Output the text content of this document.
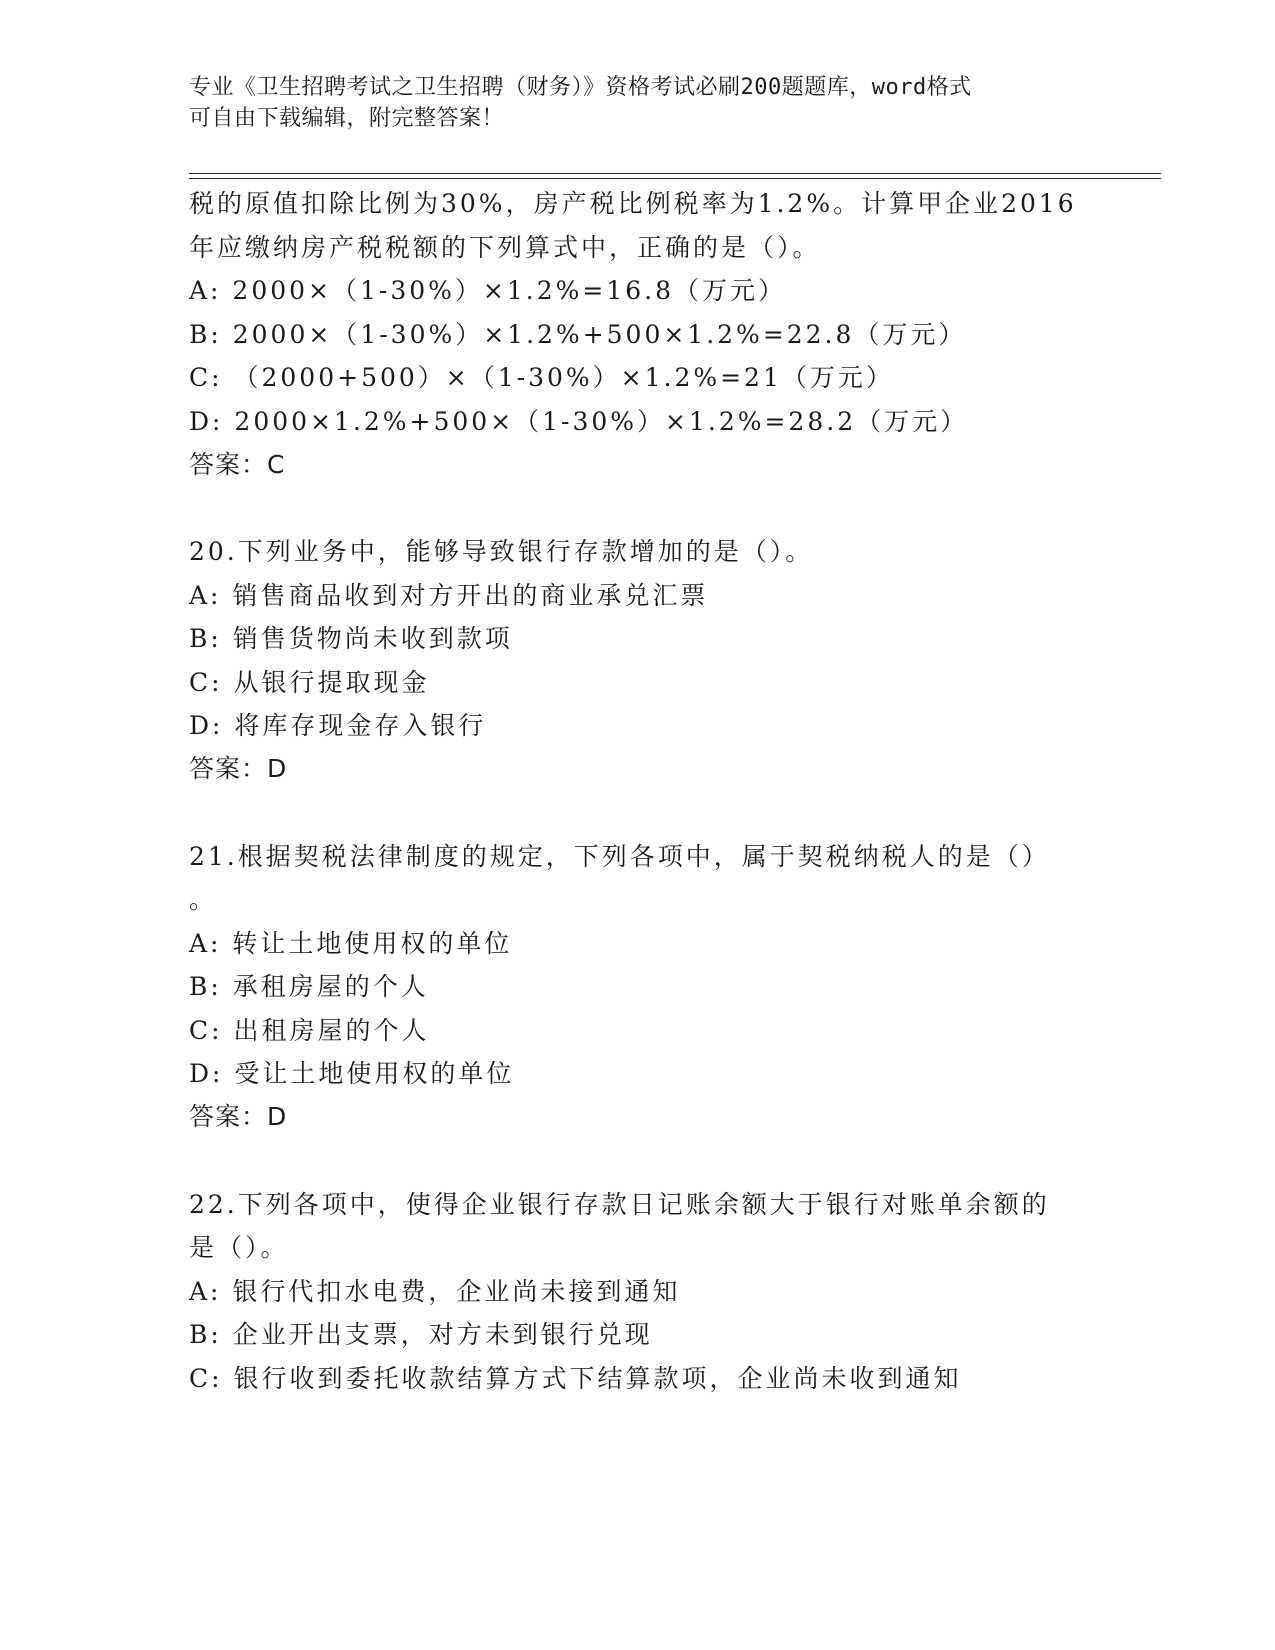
专业《卫生招聘考试之卫生招聘（财务）》资格考试必刷200题题库，word格式
可自由下载编辑，附完整答案！
税的原值扣除比例为30%，房产税比例税率为1.2%。计算甲企业2016
年应缴纳房产税税额的下列算式中，正确的是（）。
A: 2000×（1-30%）×1.2%=16.8（万元）
B: 2000×（1-30%）×1.2%+500×1.2%=22.8（万元）
C: （2000+500）×（1-30%）×1.2%=21（万元）
D: 2000×1.2%+500×（1-30%）×1.2%=28.2（万元）
答案：C
20.下列业务中，能够导致银行存款增加的是（）。
A: 销售商品收到对方开出的商业承兑汇票
B: 销售货物尚未收到款项
C: 从银行提取现金
D: 将库存现金存入银行
答案：D
21.根据契税法律制度的规定，下列各项中，属于契税纳税人的是（）
。
A: 转让土地使用权的单位
B: 承租房屋的个人
C: 出租房屋的个人
D: 受让土地使用权的单位
答案：D
22.下列各项中，使得企业银行存款日记账余额大于银行对账单余额的
是（）。
A: 银行代扣水电费，企业尚未接到通知
B: 企业开出支票，对方未到银行兑现
C: 银行收到委托收款结算方式下结算款项，企业尚未收到通知
